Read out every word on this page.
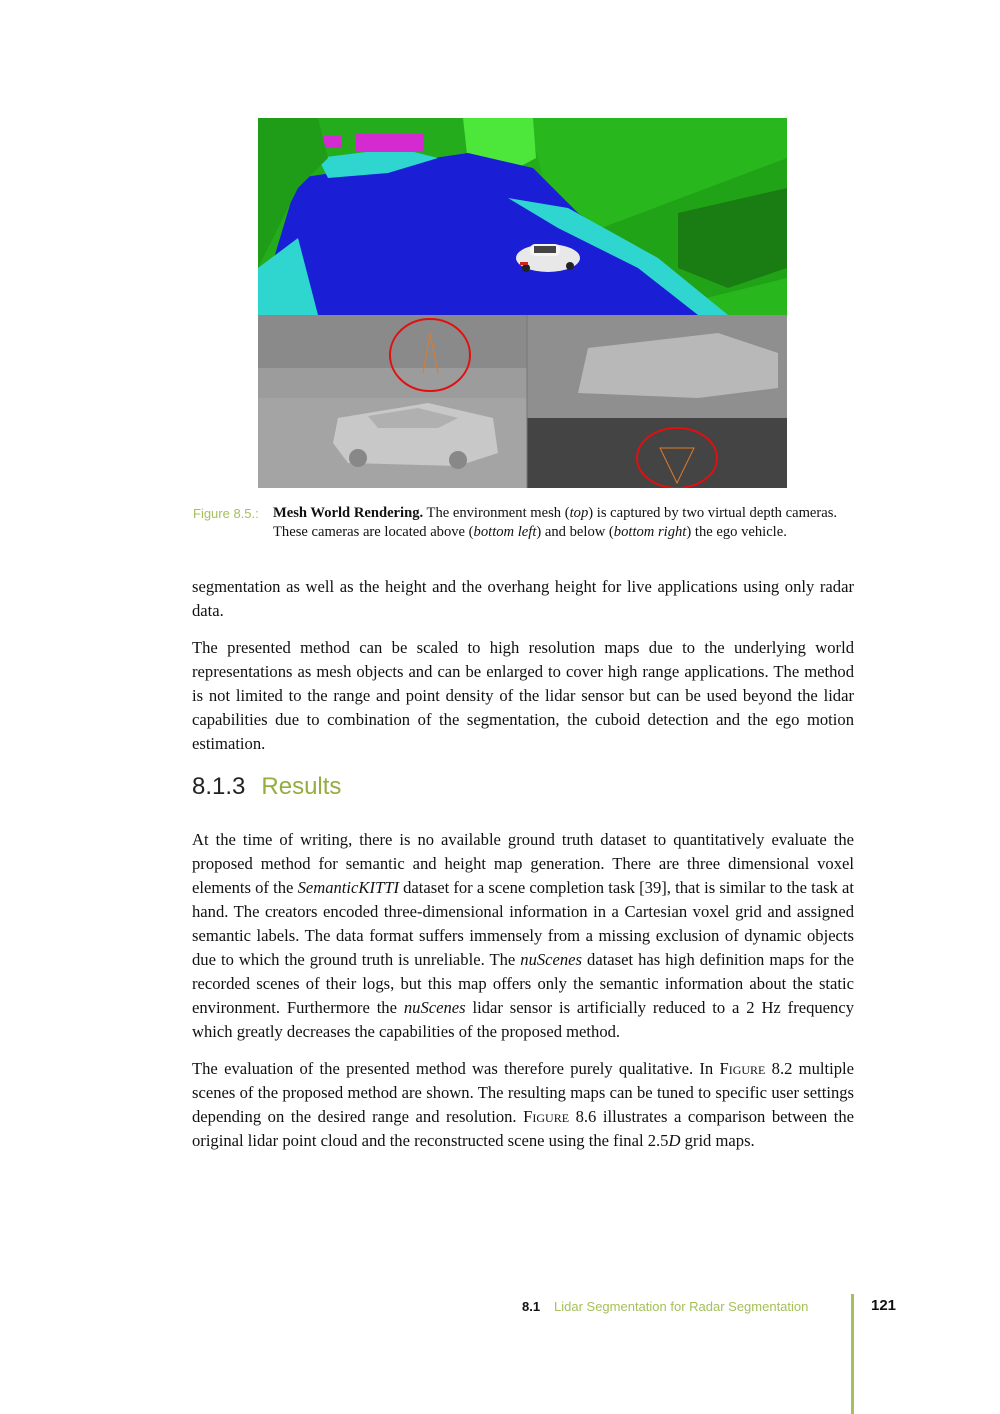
Figure 8.5.: Mesh World Rendering. The environment mesh (top) is captured by two virtual depth cameras. These cameras are located above (bottom left) and below (bottom right) the ego vehicle.

segmentation as well as the height and the overhang height for live applications using only radar data.

The presented method can be scaled to high resolution maps due to the underlying world representations as mesh objects and can be enlarged to cover high range applications. The method is not limited to the range and point density of the lidar sensor but can be used beyond the lidar capabilities due to combination of the segmentation, the cuboid detection and the ego motion estimation.

8.1.3 Results

At the time of writing, there is no available ground truth dataset to quantitatively evaluate the proposed method for semantic and height map generation. There are three dimensional voxel elements of the SemanticKITTI dataset for a scene completion task [39], that is similar to the task at hand. The creators encoded three-dimensional information in a Cartesian voxel grid and assigned semantic labels. The data format suffers immensely from a missing exclusion of dynamic objects due to which the ground truth is unreliable. The nuScenes dataset has high definition maps for the recorded scenes of their logs, but this map offers only the semantic information about the static environment. Furthermore the nuScenes lidar sensor is artificially reduced to a 2 Hz frequency which greatly decreases the capabilities of the proposed method.

The evaluation of the presented method was therefore purely qualitative. In Figure 8.2 multiple scenes of the proposed method are shown. The resulting maps can be tuned to specific user settings depending on the desired range and resolution. Figure 8.6 illustrates a comparison between the original lidar point cloud and the reconstructed scene using the final 2.5D grid maps.

8.1 Lidar Segmentation for Radar Segmentation	121
